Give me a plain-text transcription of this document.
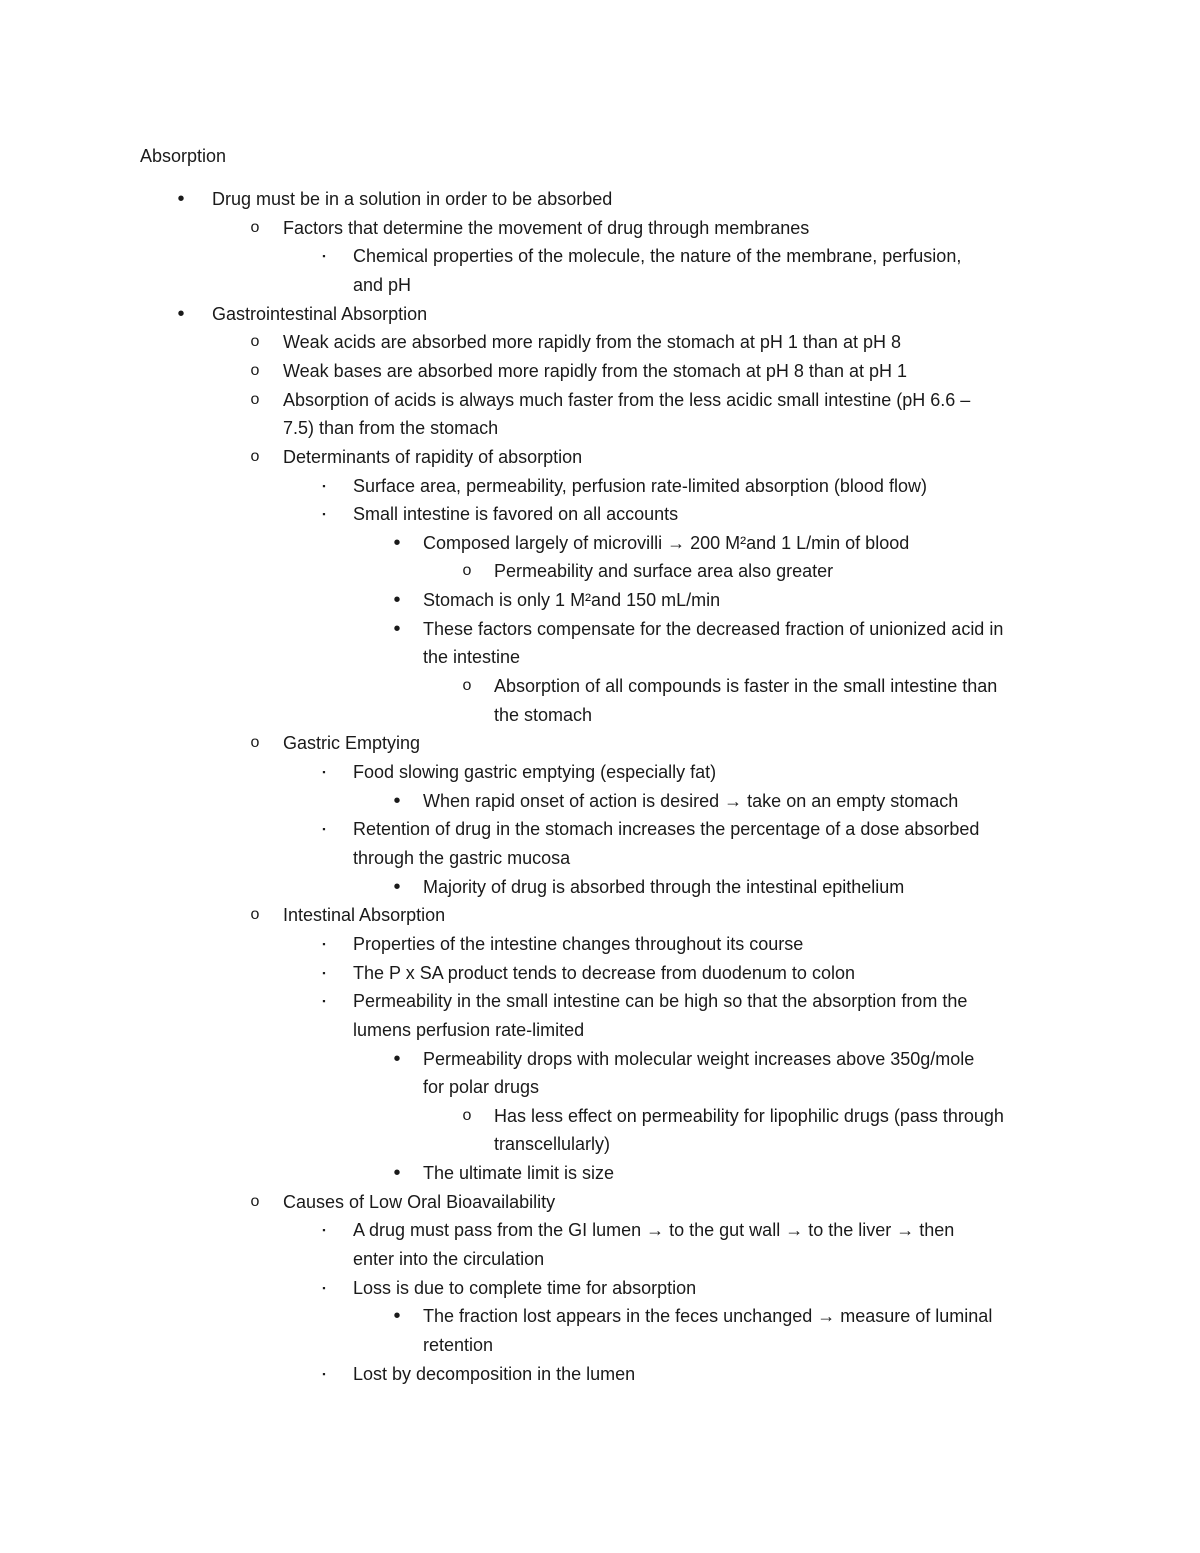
Absorption
•	Drug must be in a solution in order to be absorbed
o	Factors that determine the movement of drug through membranes
▪	Chemical properties of the molecule, the nature of the membrane, perfusion,
and pH
•	Gastrointestinal Absorption
o	Weak acids are absorbed more rapidly from the stomach at pH 1 than at pH 8
o	Weak bases are absorbed more rapidly from the stomach at pH 8 than at pH 1
o	Absorption of acids is always much faster from the less acidic small intestine (pH 6.6 –
7.5) than from the stomach
o	Determinants of rapidity of absorption
▪	Surface area, permeability, perfusion rate-limited absorption (blood flow)
▪	Small intestine is favored on all accounts
•	Composed largely of microvilli → 200 M²and 1 L/min of blood
o	Permeability and surface area also greater
•	Stomach is only 1 M²and 150 mL/min
•	These factors compensate for the decreased fraction of unionized acid in
the intestine
o	Absorption of all compounds is faster in the small intestine than
the stomach
o	Gastric Emptying
▪	Food slowing gastric emptying (especially fat)
•	When rapid onset of action is desired → take on an empty stomach
▪	Retention of drug in the stomach increases the percentage of a dose absorbed
through the gastric mucosa
•	Majority of drug is absorbed through the intestinal epithelium
o	Intestinal Absorption
▪	Properties of the intestine changes throughout its course
▪	The P x SA product tends to decrease from duodenum to colon
▪	Permeability in the small intestine can be high so that the absorption from the
lumens perfusion rate-limited
•	Permeability drops with molecular weight increases above 350g/mole
for polar drugs
o	Has less effect on permeability for lipophilic drugs (pass through
transcellularly)
•	The ultimate limit is size
o	Causes of Low Oral Bioavailability
▪	A drug must pass from the GI lumen → to the gut wall → to the liver → then
enter into the circulation
▪	Loss is due to complete time for absorption
•	The fraction lost appears in the feces unchanged → measure of luminal
retention
▪	Lost by decomposition in the lumen
